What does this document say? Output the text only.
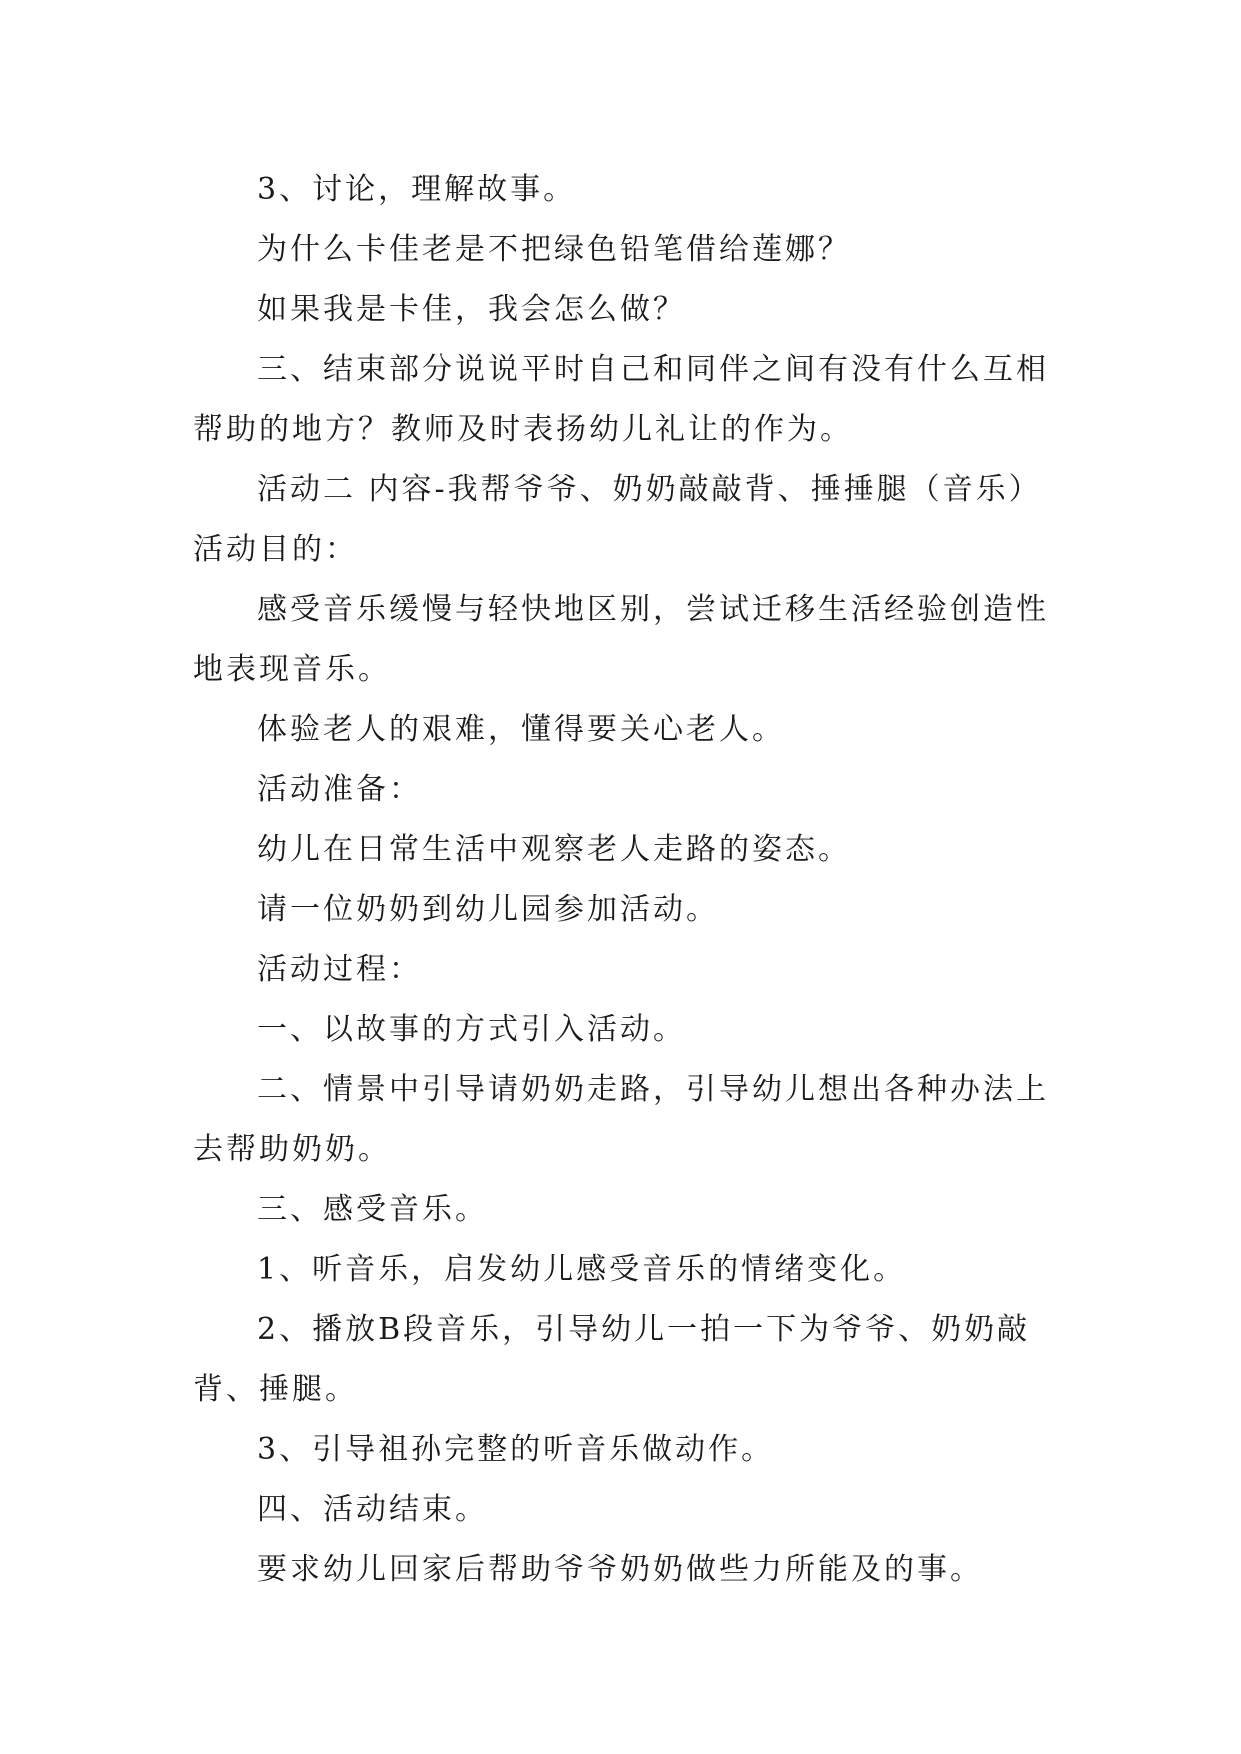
3、讨论，理解故事。

为什么卡佳老是不把绿色铅笔借给莲娜？

如果我是卡佳，我会怎么做？

三、结束部分说说平时自己和同伴之间有没有什么互相帮助的地方？教师及时表扬幼儿礼让的作为。

活动二 内容-我帮爷爷、奶奶敲敲背、捶捶腿（音乐）

活动目的：

感受音乐缓慢与轻快地区别，尝试迁移生活经验创造性地表现音乐。

体验老人的艰难，懂得要关心老人。

活动准备：

幼儿在日常生活中观察老人走路的姿态。

请一位奶奶到幼儿园参加活动。

活动过程：

一、以故事的方式引入活动。

二、情景中引导请奶奶走路，引导幼儿想出各种办法上去帮助奶奶。

三、感受音乐。

1、听音乐，启发幼儿感受音乐的情绪变化。

2、播放B段音乐，引导幼儿一拍一下为爷爷、奶奶敲背、捶腿。

3、引导祖孙完整的听音乐做动作。

四、活动结束。

要求幼儿回家后帮助爷爷奶奶做些力所能及的事。
